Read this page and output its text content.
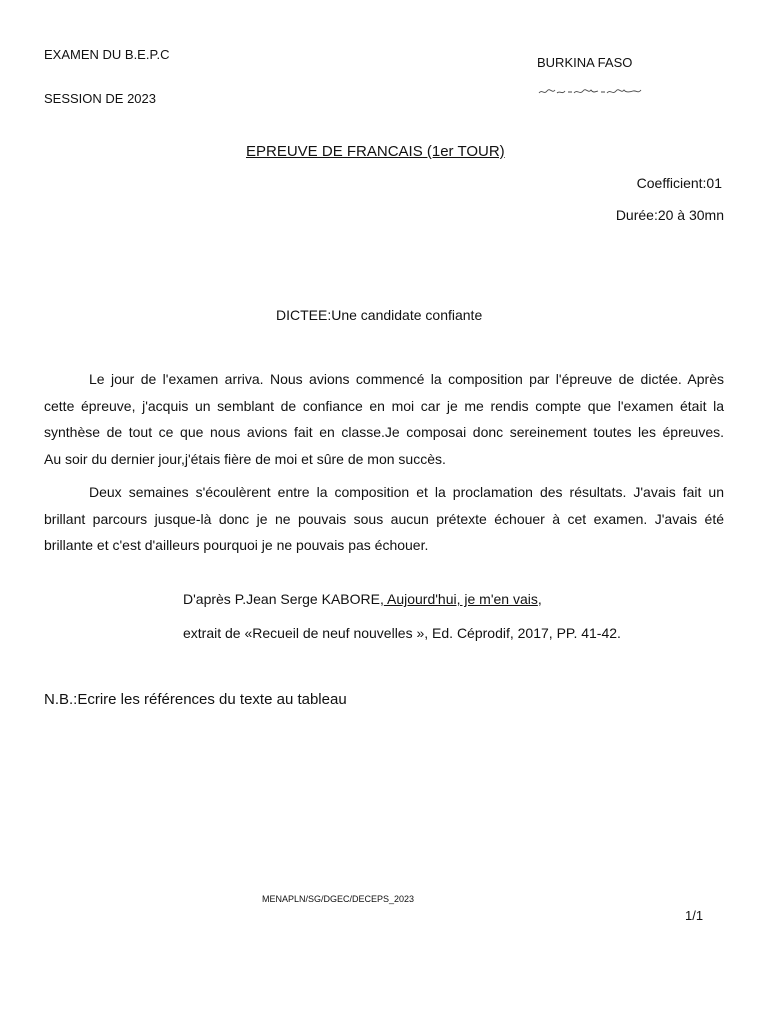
EXAMEN DU B.E.P.C
SESSION DE 2023
BURKINA FASO
EPREUVE DE FRANCAIS (1er TOUR)
Coefficient:01
Durée:20 à 30mn
DICTEE:Une candidate confiante
Le jour de l'examen arriva. Nous avions commencé la composition par l'épreuve de dictée. Après
cette épreuve, j'acquis un semblant de confiance en moi car je me rendis compte que l'examen était la
synthèse de tout ce que nous avions fait en classe.Je composai donc sereinement toutes les épreuves.
Au soir du dernier jour,j'étais fière de moi et sûre de mon succès.
Deux semaines s'écoulèrent entre la composition et la proclamation des résultats. J'avais fait un
brillant parcours jusque-là donc je ne pouvais sous aucun prétexte échouer à cet examen. J'avais été
brillante et c'est d'ailleurs pourquoi je ne pouvais pas échouer.
D'après P.Jean Serge KABORE, Aujourd'hui, je m'en vais,
extrait de «Recueil de neuf nouvelles », Ed. Céprodif, 2017, PP. 41-42.
N.B.:Ecrire les références du texte au tableau
MENAPLN/SG/DGEC/DECEPS_2023
1/1
